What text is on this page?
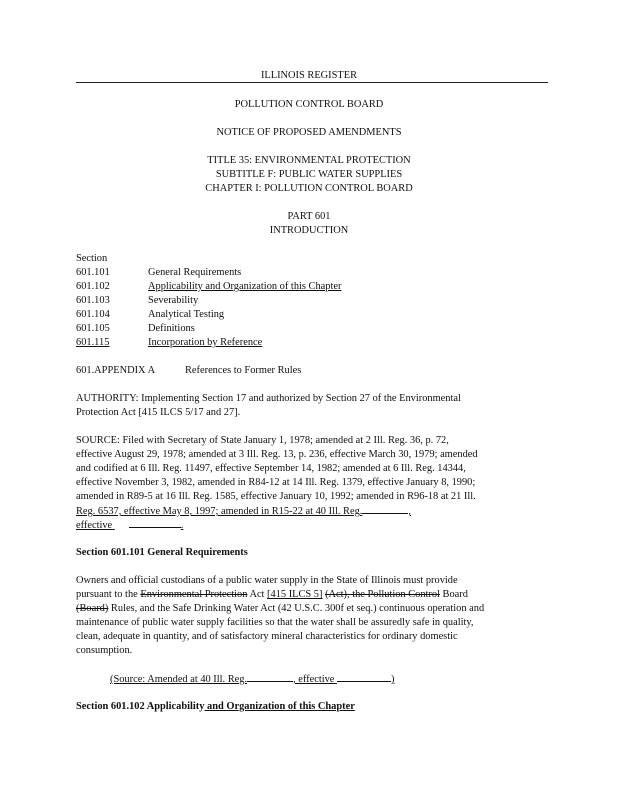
ILLINOIS REGISTER
POLLUTION CONTROL BOARD
NOTICE OF PROPOSED AMENDMENTS
TITLE 35: ENVIRONMENTAL PROTECTION
SUBTITLE F: PUBLIC WATER SUPPLIES
CHAPTER I: POLLUTION CONTROL BOARD
PART 601
INTRODUCTION
Section
601.101	General Requirements
601.102	Applicability and Organization of this Chapter
601.103	Severability
601.104	Analytical Testing
601.105	Definitions
601.115	Incorporation by Reference
601.APPENDIX A	References to Former Rules
AUTHORITY: Implementing Section 17 and authorized by Section 27 of the Environmental
Protection Act [415 ILCS 5/17 and 27].
SOURCE: Filed with Secretary of State January 1, 1978; amended at 2 Ill. Reg. 36, p. 72,
effective August 29, 1978; amended at 3 Ill. Reg. 13, p. 236, effective March 30, 1979; amended
and codified at 6 Ill. Reg. 11497, effective September 14, 1982; amended at 6 Ill. Reg. 14344,
effective November 3, 1982, amended in R84-12 at 14 Ill. Reg. 1379, effective January 8, 1990;
amended in R89-5 at 16 Ill. Reg. 1585, effective January 10, 1992; amended in R96-18 at 21 Ill.
Reg. 6537, effective May 8, 1997; amended in R15-22 at 40 Ill. Reg.	,
effective	.
Section 601.101 General Requirements
Owners and official custodians of a public water supply in the State of Illinois must provide
pursuant to the Environmental Protection Act [415 ILCS 5] (Act), the Pollution Control Board
(Board) Rules, and the Safe Drinking Water Act (42 U.S.C. 300f et seq.) continuous operation and
maintenance of public water supply facilities so that the water shall be assuredly safe in quality,
clean, adequate in quantity, and of satisfactory mineral characteristics for ordinary domestic
consumption.
(Source: Amended at 40 Ill. Reg.	, effective	)
Section 601.102 Applicability and Organization of this Chapter
